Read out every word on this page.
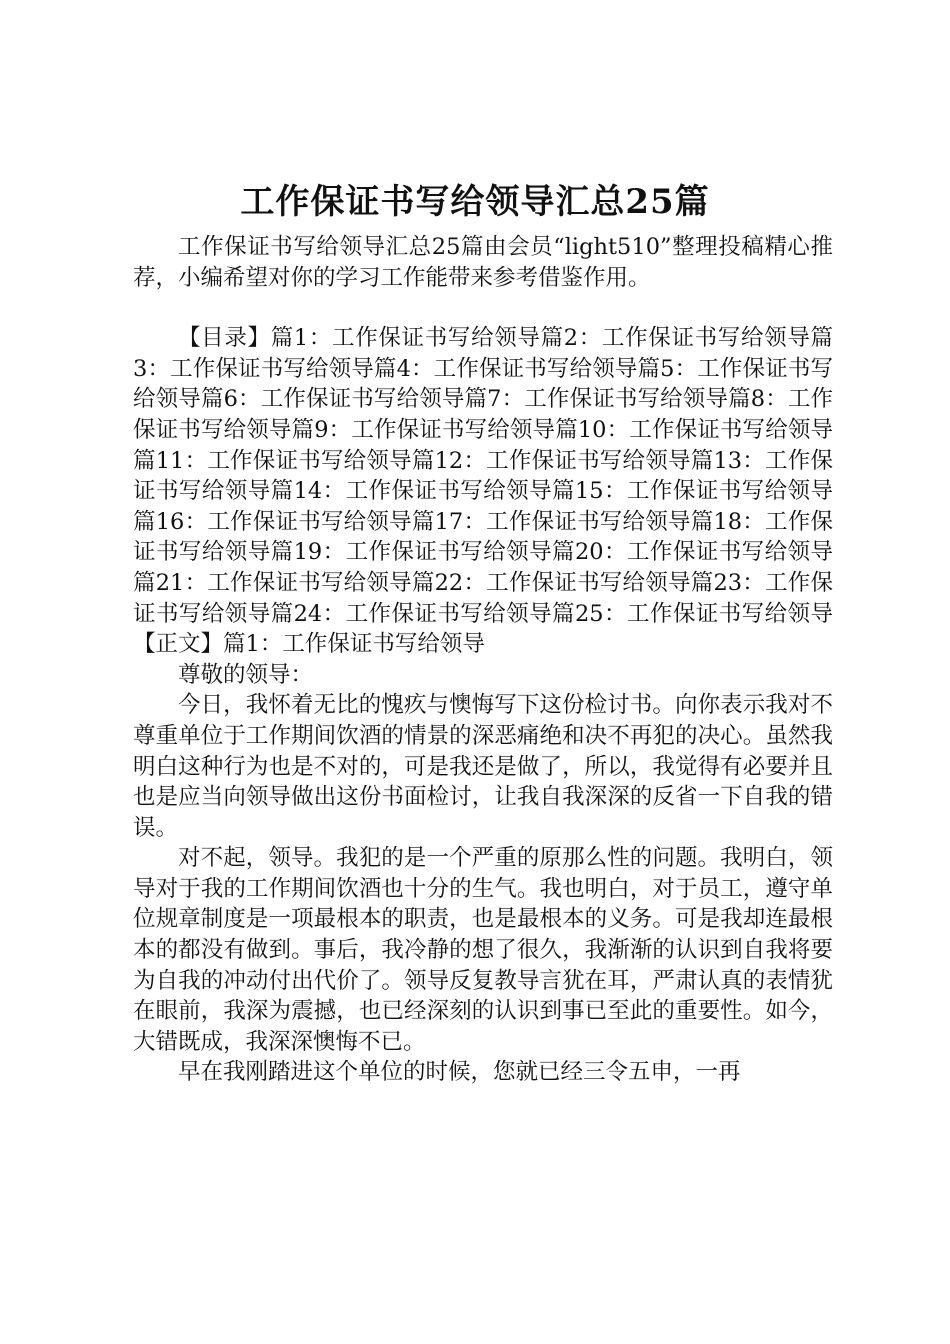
工作保证书写给领导汇总25篇

工作保证书写给领导汇总25篇由会员“light510”整理投稿精心推荐，小编希望对你的学习工作能带来参考借鉴作用。

【目录】篇1：工作保证书写给领导篇2：工作保证书写给领导篇3：工作保证书写给领导篇4：工作保证书写给领导篇5：工作保证书写给领导篇6：工作保证书写给领导篇7：工作保证书写给领导篇8：工作保证书写给领导篇9：工作保证书写给领导篇10：工作保证书写给领导篇11：工作保证书写给领导篇12：工作保证书写给领导篇13：工作保证书写给领导篇14：工作保证书写给领导篇15：工作保证书写给领导篇16：工作保证书写给领导篇17：工作保证书写给领导篇18：工作保证书写给领导篇19：工作保证书写给领导篇20：工作保证书写给领导篇21：工作保证书写给领导篇22：工作保证书写给领导篇23：工作保证书写给领导篇24：工作保证书写给领导篇25：工作保证书写给领导【正文】篇1：工作保证书写给领导

尊敬的领导：

今日，我怀着无比的愧疚与懊悔写下这份检讨书。向你表示我对不尊重单位于工作期间饮酒的情景的深恶痛绝和决不再犯的决心。虽然我明白这种行为也是不对的，可是我还是做了，所以，我觉得有必要并且也是应当向领导做出这份书面检讨，让我自我深深的反省一下自我的错误。

对不起，领导。我犯的是一个严重的原那么性的问题。我明白，领导对于我的工作期间饮酒也十分的生气。我也明白，对于员工，遵守单位规章制度是一项最根本的职责，也是最根本的义务。可是我却连最根本的都没有做到。事后，我冷静的想了很久，我渐渐的认识到自我将要为自我的冲动付出代价了。领导反复教导言犹在耳，严肃认真的表情犹在眼前，我深为震撼，也已经深刻的认识到事已至此的重要性。如今，大错既成，我深深懊悔不已。

早在我刚踏进这个单位的时候，您就已经三令五申，一再
